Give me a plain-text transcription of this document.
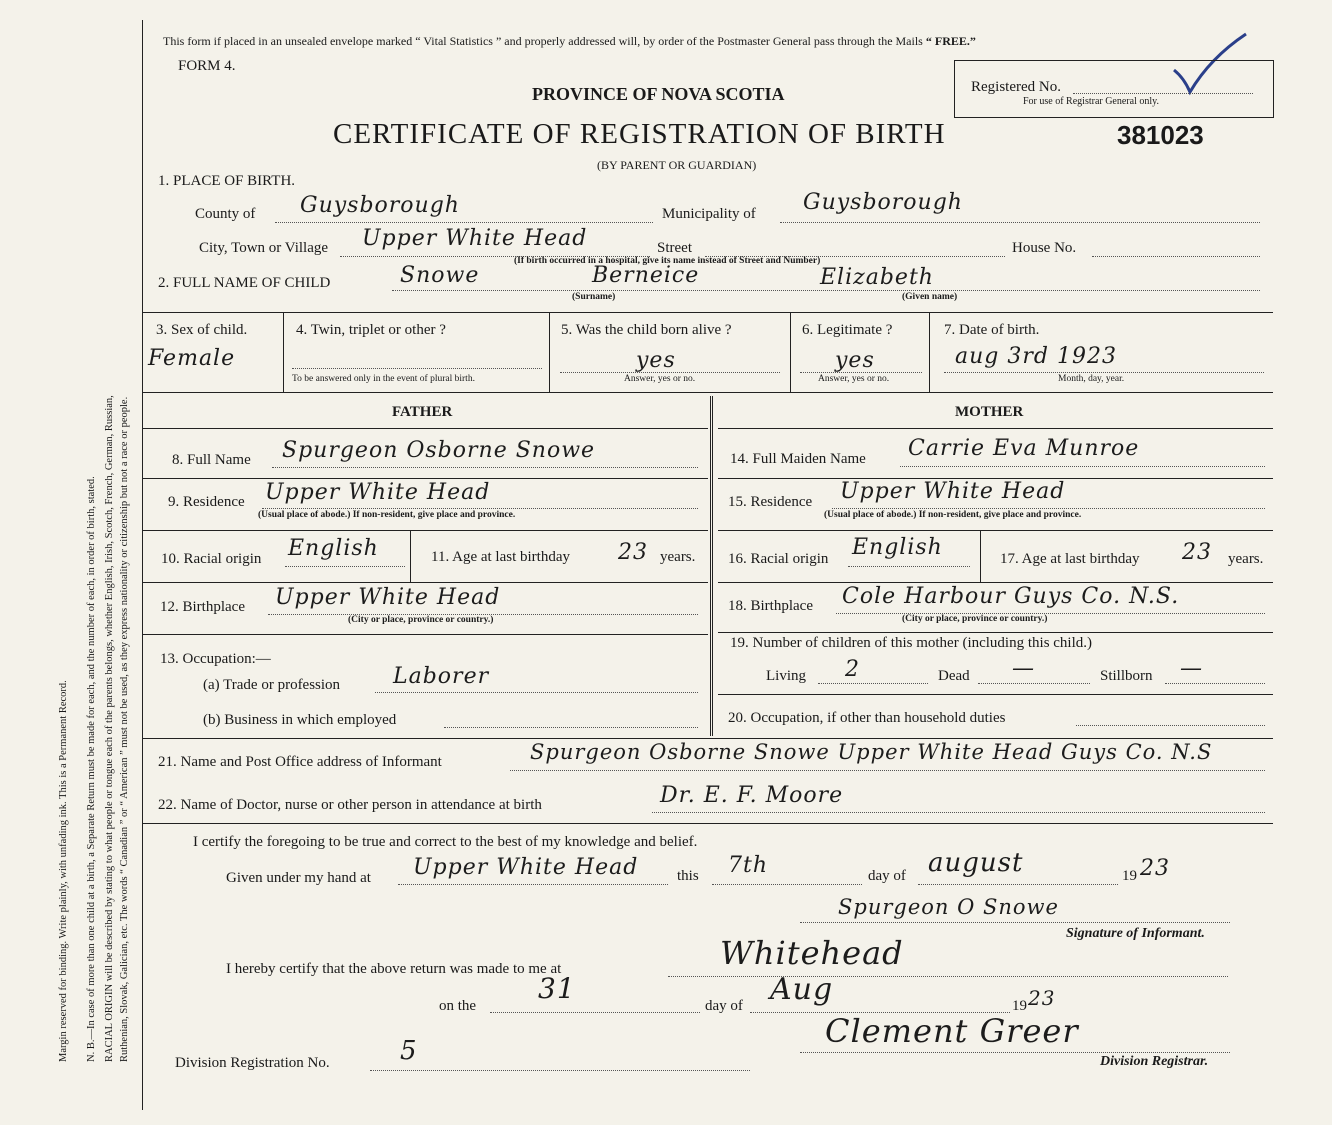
Margin reserved for binding. Write plainly, with unfading ink. This is a Permanent Record. N. B.—In case of more than one child at a birth, a Separate Return must be made for each, and the number of each, in order of birth, stated. RACIAL ORIGIN will be described by stating to what people or tongue each of the parents belongs, whether English, Irish, Scotch, French, German, Russian, Ruthenian, Slovak, Galician, etc. The words “ Canadian ” or “ American ” must not be used, as they express nationality or citizenship but not a race or people.
This form if placed in an unsealed envelope marked “ Vital Statistics ” and properly addressed will, by order of the Postmaster General pass through the Mails “ FREE.”
FORM 4.
Registered No.
For use of Registrar General only.
PROVINCE OF NOVA SCOTIA
CERTIFICATE OF REGISTRATION OF BIRTH	381023
(BY PARENT OR GUARDIAN)
1. PLACE OF BIRTH.
County of Guysborough	Municipality of Guysborough
City, Town or Village Upper White Head	Street
(If birth occurred in a hospital, give its name instead of Street and Number)
House No.
2. FULL NAME OF CHILD	Snowe	Berneice	Elizabeth
(Surname)	(Given name)
3. Sex of child.
Female
4. Twin, triplet or other ?
To be answered only in the event of plural birth.
5. Was the child born alive ?
yes
Answer, yes or no.
6. Legitimate ?
yes
Answer, yes or no.
7. Date of birth.
aug 3rd 1923
Month, day, year.
FATHER	MOTHER
8. Full Name Spurgeon Osborne Snowe
9. Residence Upper White Head
(Usual place of abode.) If non-resident, give place and province.
10. Racial origin English	11. Age at last birthday 23 years.
12. Birthplace Upper White Head
(City or place, province or country.)
13. Occupation:—
(a) Trade or profession Laborer
(b) Business in which employed
14. Full Maiden Name Carrie Eva Munroe
15. Residence Upper White Head
(Usual place of abode.) If non-resident, give place and province.
16. Racial origin English	17. Age at last birthday 23 years.
18. Birthplace Cole Harbour Guys Co. N.S.
(City or place, province or country.)
19. Number of children of this mother (including this child.)
Living 2	Dead —	Stillborn —
20. Occupation, if other than household duties
21. Name and Post Office address of Informant	Spurgeon Osborne Snowe Upper White Head Guys Co. N.S
22. Name of Doctor, nurse or other person in attendance at birth	Dr. E. F. Moore
I certify the foregoing to be true and correct to the best of my knowledge and belief.
Given under my hand at Upper White Head	this 7th	day of august	19 23
Spurgeon O Snowe
Signature of Informant.
I hereby certify that the above return was made to me at	Whitehead
on the
31
day of Aug	19 23
Division Registration No.	5
Clement Greer
Division Registrar.
